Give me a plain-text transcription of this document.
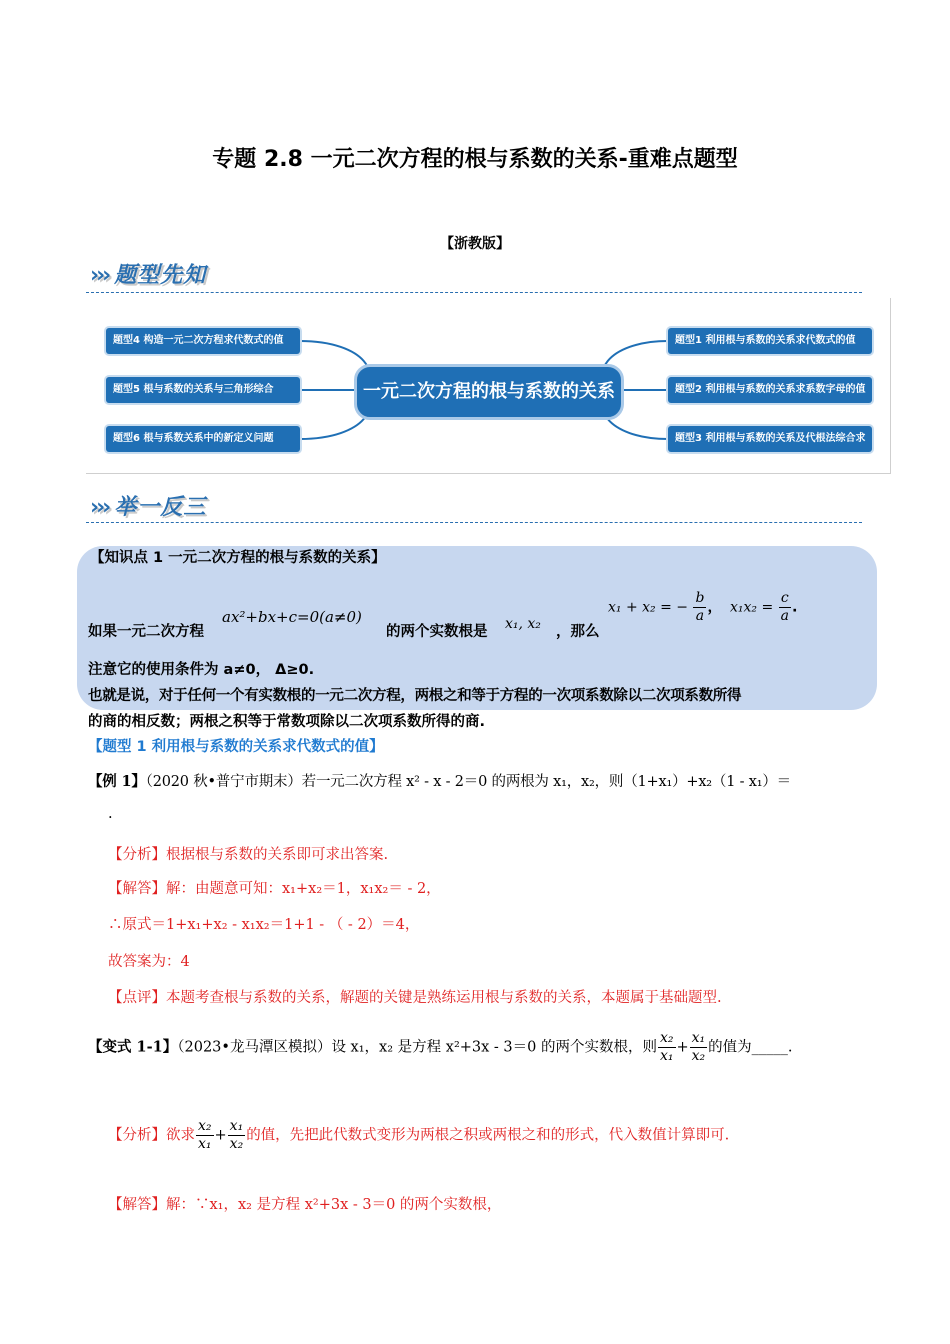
专题 2.8 一元二次方程的根与系数的关系-重难点题型
【浙教版】
››› 题型先知
题型4 构造一元二次方程求代数式的值
题型5 根与系数的关系与三角形综合
题型6 根与系数关系中的新定义问题
一元二次方程的根与系数的关系
题型1 利用根与系数的关系求代数式的值
题型2 利用根与系数的关系求系数字母的值
题型3 利用根与系数的关系及代根法综合求值
››› 举一反三
【知识点 1 一元二次方程的根与系数的关系】
如果一元二次方程
ax²+bx+c=0(a≠0)
的两个实数根是 x₁, x₂ ，那么
x₁ + x₂ = − $\frac{b}{a}$ ， $x_1x_2 = \frac{c}{a}$ .
注意它的使用条件为 a≠0， Δ≥0.
也就是说，对于任何一个有实数根的一元二次方程，两根之和等于方程的一次项系数除以二次项系数所得
的商的相反数；两根之积等于常数项除以二次项系数所得的商.
【题型 1 利用根与系数的关系求代数式的值】
【例 1】（2020 秋•普宁市期末）若一元二次方程 x² - x - 2＝0 的两根为 x₁，x₂，则（1+x₁）+x₂（1 - x₁）＝
.
【分析】根据根与系数的关系即可求出答案.
【解答】解：由题意可知：x₁+x₂＝1，x₁x₂＝ - 2，
∴原式＝1+x₁+x₂ - x₁x₂＝1+1 - （ - 2）＝4，
故答案为：4
【点评】本题考查根与系数的关系，解题的关键是熟练运用根与系数的关系，本题属于基础题型.
【变式 1-1】（2023•龙马潭区模拟）设 x₁，x₂ 是方程 x²+3x - 3＝0 的两个实数根，则 $\frac{\text{x₂}}{\text{x₁}} + \frac{\text{x₁}}{\text{x₂}}$ 的值为_____.
【分析】欲求 $\frac{\text{x₂}}{\text{x₁}} + \frac{\text{x₁}}{\text{x₂}}$ 的值，先把此代数式变形为两根之积或两根之和的形式，代入数值计算即可.
【解答】解：∵x₁，x₂ 是方程 x²+3x - 3＝0 的两个实数根，
